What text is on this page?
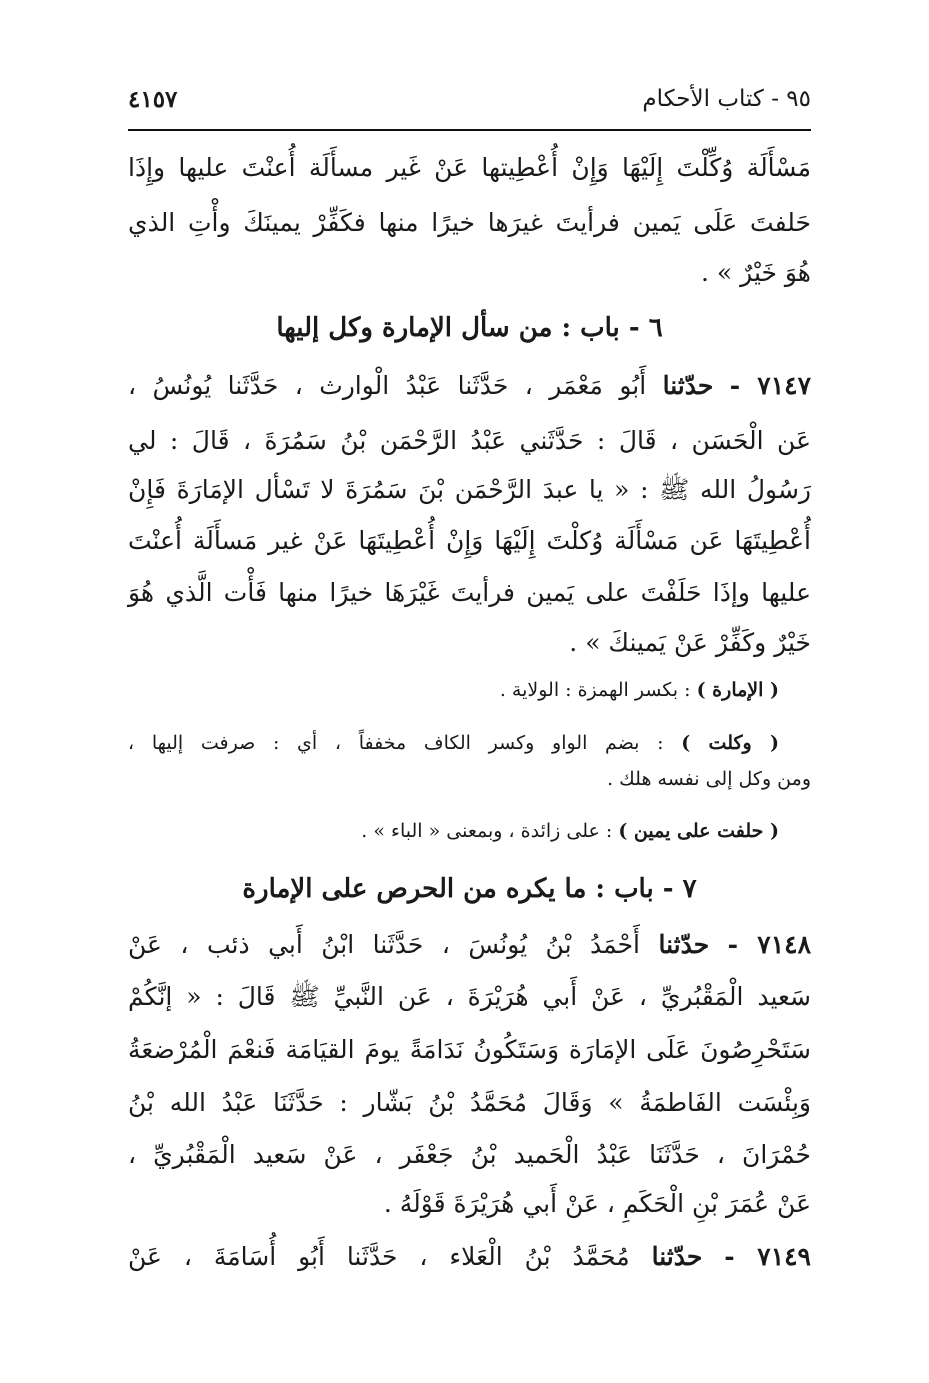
٩٥ - كتاب الأحكام
٤١٥٧
مَسْأَلَة وُكِّلْتَ إِلَيْهَا وَإِنْ أُعْطِيتها عَنْ غَير مسأَلَة أُعنْتَ عليها وإِذَا
حَلفتَ عَلَى يَمين فرأيتَ غيرَها خيرًا منها فكَفِّرْ يمينَكَ وأْتِ الذي
هُوَ خَيْرٌ » .
٦ - باب : من سأل الإمارة وكل إليها
٧١٤٧ - حدّثنا أَبُو مَعْمَر ، حَدَّثَنا عَبْدُ الْوارث ، حَدَّثَنا يُونُسُ ،
عَن الْحَسَن ، قَالَ : حَدَّثَني عَبْدُ الرَّحْمَن بْنُ سَمُرَةَ ، قَالَ : لي
رَسُولُ الله ﷺ : « يا عبدَ الرَّحْمَن بْنَ سَمُرَةَ لا تَسْأل الإمَارَةَ فَإِنْ
أُعْطِيتَهَا عَن مَسْأَلَة وُكلْتَ إِلَيْهَا وَإِنْ أُعْطِيتَهَا عَنْ غير مَسأَلَة أُعنْتَ
عليها وإذَا حَلَفْتَ على يَمين فرأيتَ غَيْرَهَا خيرًا منها فَأْت الَّذي هُوَ
خَيْرٌ وكَفِّرْ عَنْ يَمينكَ » .
( الإمارة ) : بكسر الهمزة : الولاية .
( وكلت ) : بضم الواو وكسر الكاف مخففاً ، أي : صرفت إليها ،
ومن وكل إلى نفسه هلك .
( حلفت على يمين ) : على زائدة ، وبمعنى « الباء » .
٧ - باب : ما يكره من الحرص على الإمارة
٧١٤٨ - حدّثنا أَحْمَدُ بْنُ يُونُسَ ، حَدَّثَنا ابْنُ أَبي ذئب ، عَنْ
سَعيد الْمَقْبُريِّ ، عَنْ أَبي هُرَيْرَةَ ، عَن النَّبيِّ ﷺ قَالَ : « إنَّكُمْ
سَتَحْرِصُونَ عَلَى الإمَارَة وَسَتَكُونُ نَدَامَةً يومَ القيَامَة فَنعْمَ الْمُرْضعَةُ
وَبِئْسَت الفَاطمَةُ » وَقَالَ مُحَمَّدُ بْنُ بَشّار : حَدَّثَنَا عَبْدُ الله بْنُ
حُمْرَانَ ، حَدَّثَنَا عَبْدُ الْحَميد بْنُ جَعْفَر ، عَنْ سَعيد الْمَقْبُريِّ ،
عَنْ عُمَرَ بْنِ الْحَكَمِ ، عَنْ أَبي هُرَيْرَةَ قَوْلَهُ .
٧١٤٩ - حدّثنا مُحَمَّدُ بْنُ الْعَلاء ، حَدَّثَنا أَبُو أُسَامَةَ ، عَنْ
